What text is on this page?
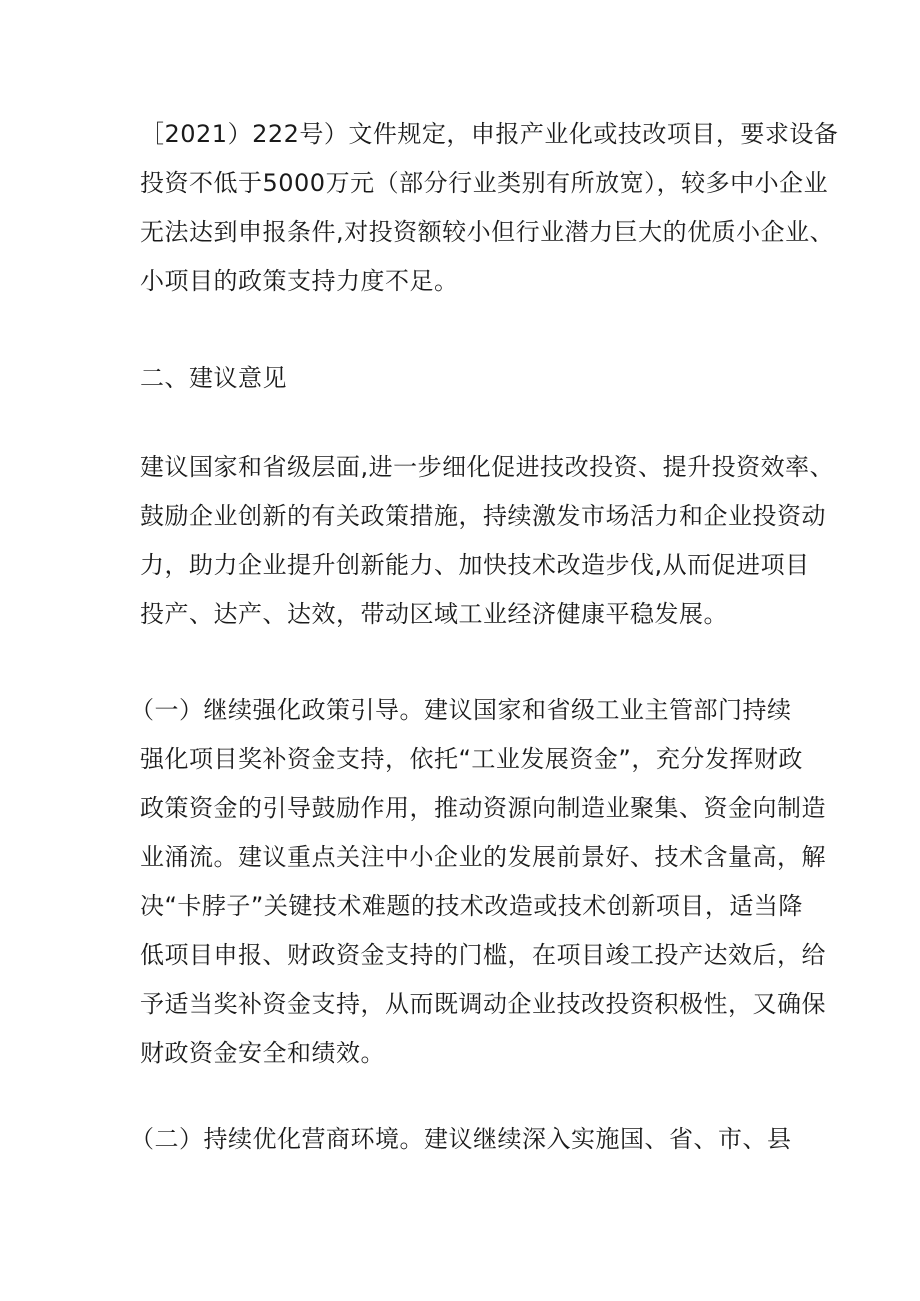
［2021）222号）文件规定，申报产业化或技改项目，要求设备
投资不低于5000万元（部分行业类别有所放宽），较多中小企业
无法达到申报条件,对投资额较小但行业潜力巨大的优质小企业、
小项目的政策支持力度不足。
二、建议意见
建议国家和省级层面,进一步细化促进技改投资、提升投资效率、
鼓励企业创新的有关政策措施，持续激发市场活力和企业投资动
力，助力企业提升创新能力、加快技术改造步伐,从而促进项目
投产、达产、达效，带动区域工业经济健康平稳发展。
（一）继续强化政策引导。建议国家和省级工业主管部门持续
强化项目奖补资金支持，依托“工业发展资金”，充分发挥财政
政策资金的引导鼓励作用，推动资源向制造业聚集、资金向制造
业涌流。建议重点关注中小企业的发展前景好、技术含量高，解
决“卡脖子”关键技术难题的技术改造或技术创新项目，适当降
低项目申报、财政资金支持的门槛，在项目竣工投产达效后，给
予适当奖补资金支持，从而既调动企业技改投资积极性，又确保
财政资金安全和绩效。
（二）持续优化营商环境。建议继续深入实施国、省、市、县
